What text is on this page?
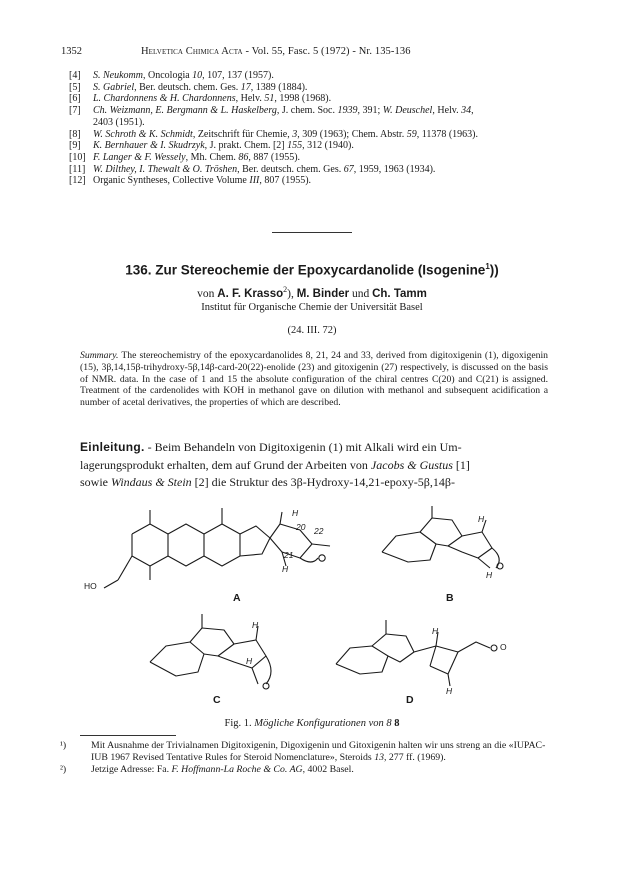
1352	Helvetica Chimica Acta - Vol. 55, Fasc. 5 (1972) - Nr. 135-136
[4] S. Neukomm, Oncologia 10, 107, 137 (1957).
[5] S. Gabriel, Ber. deutsch. chem. Ges. 17, 1389 (1884).
[6] L. Chardonnens & H. Chardonnens, Helv. 51, 1998 (1968).
[7] Ch. Weizmann, E. Bergmann & L. Haskelberg, J. chem. Soc. 1939, 391; W. Deuschel, Helv. 34,
2403 (1951).
[8] W. Schroth & K. Schmidt, Zeitschrift für Chemie, 3, 309 (1963); Chem. Abstr. 59, 11378 (1963).
[9] K. Bernhauer & I. Skudrzyk, J. prakt. Chem. [2] 155, 312 (1940).
[10] F. Langer & F. Wessely, Mh. Chem. 86, 887 (1955).
[11] W. Dilthey, I. Thewalt & O. Tröshen, Ber. deutsch. chem. Ges. 67, 1959, 1963 (1934).
[12] Organic Syntheses, Collective Volume III, 807 (1955).
136. Zur Stereochemie der Epoxycardanolide (Isogenine$^1$))
von A. F. Krasso$^2$), M. Binder und Ch. Tamm
Institut für Organische Chemie der Universität Basel
(24. III. 72)
Summary. The stereochemistry of the epoxycardanolides 8, 21, 24 and 33, derived from digitoxigenin (1), digoxigenin (15), 3β,14,15β-trihydroxy-5β,14β-card-20(22)-enolide (23) and gitoxigenin (27) respectively, is discussed on the basis of NMR. data. In the case of 1 and 15 the absolute configuration of the chiral centres C(20) and C(21) is assigned. Treatment of the cardenolides with KOH in methanol gave on dilution with methanol and subsequent acidification a number of acetal derivatives, the properties of which are described.
Einleitung. - Beim Behandeln von Digitoxigenin (1) mit Alkali wird ein Um-
lagerungsprodukt erhalten, dem auf Grund der Arbeiten von Jacobs & Gustus [1]
sowie Windaus & Stein [2] die Struktur des 3β-Hydroxy-14,21-epoxy-5β,14β-
H
20 22
21
H
HO
H
H
H
H
H
H
O
A	B
C	D
Fig. 1. Mögliche Konfigurationen von 8 8
¹)	Mit Ausnahme der Trivialnamen Digitoxigenin, Digoxigenin und Gitoxigenin halten wir uns streng an die «IUPAC-IUB 1967 Revised Tentative Rules for Steroid Nomenclature», Steroids 13, 277 ff. (1969).
²)	Jetzige Adresse: Fa. F. Hoffmann-La Roche & Co. AG, 4002 Basel.
